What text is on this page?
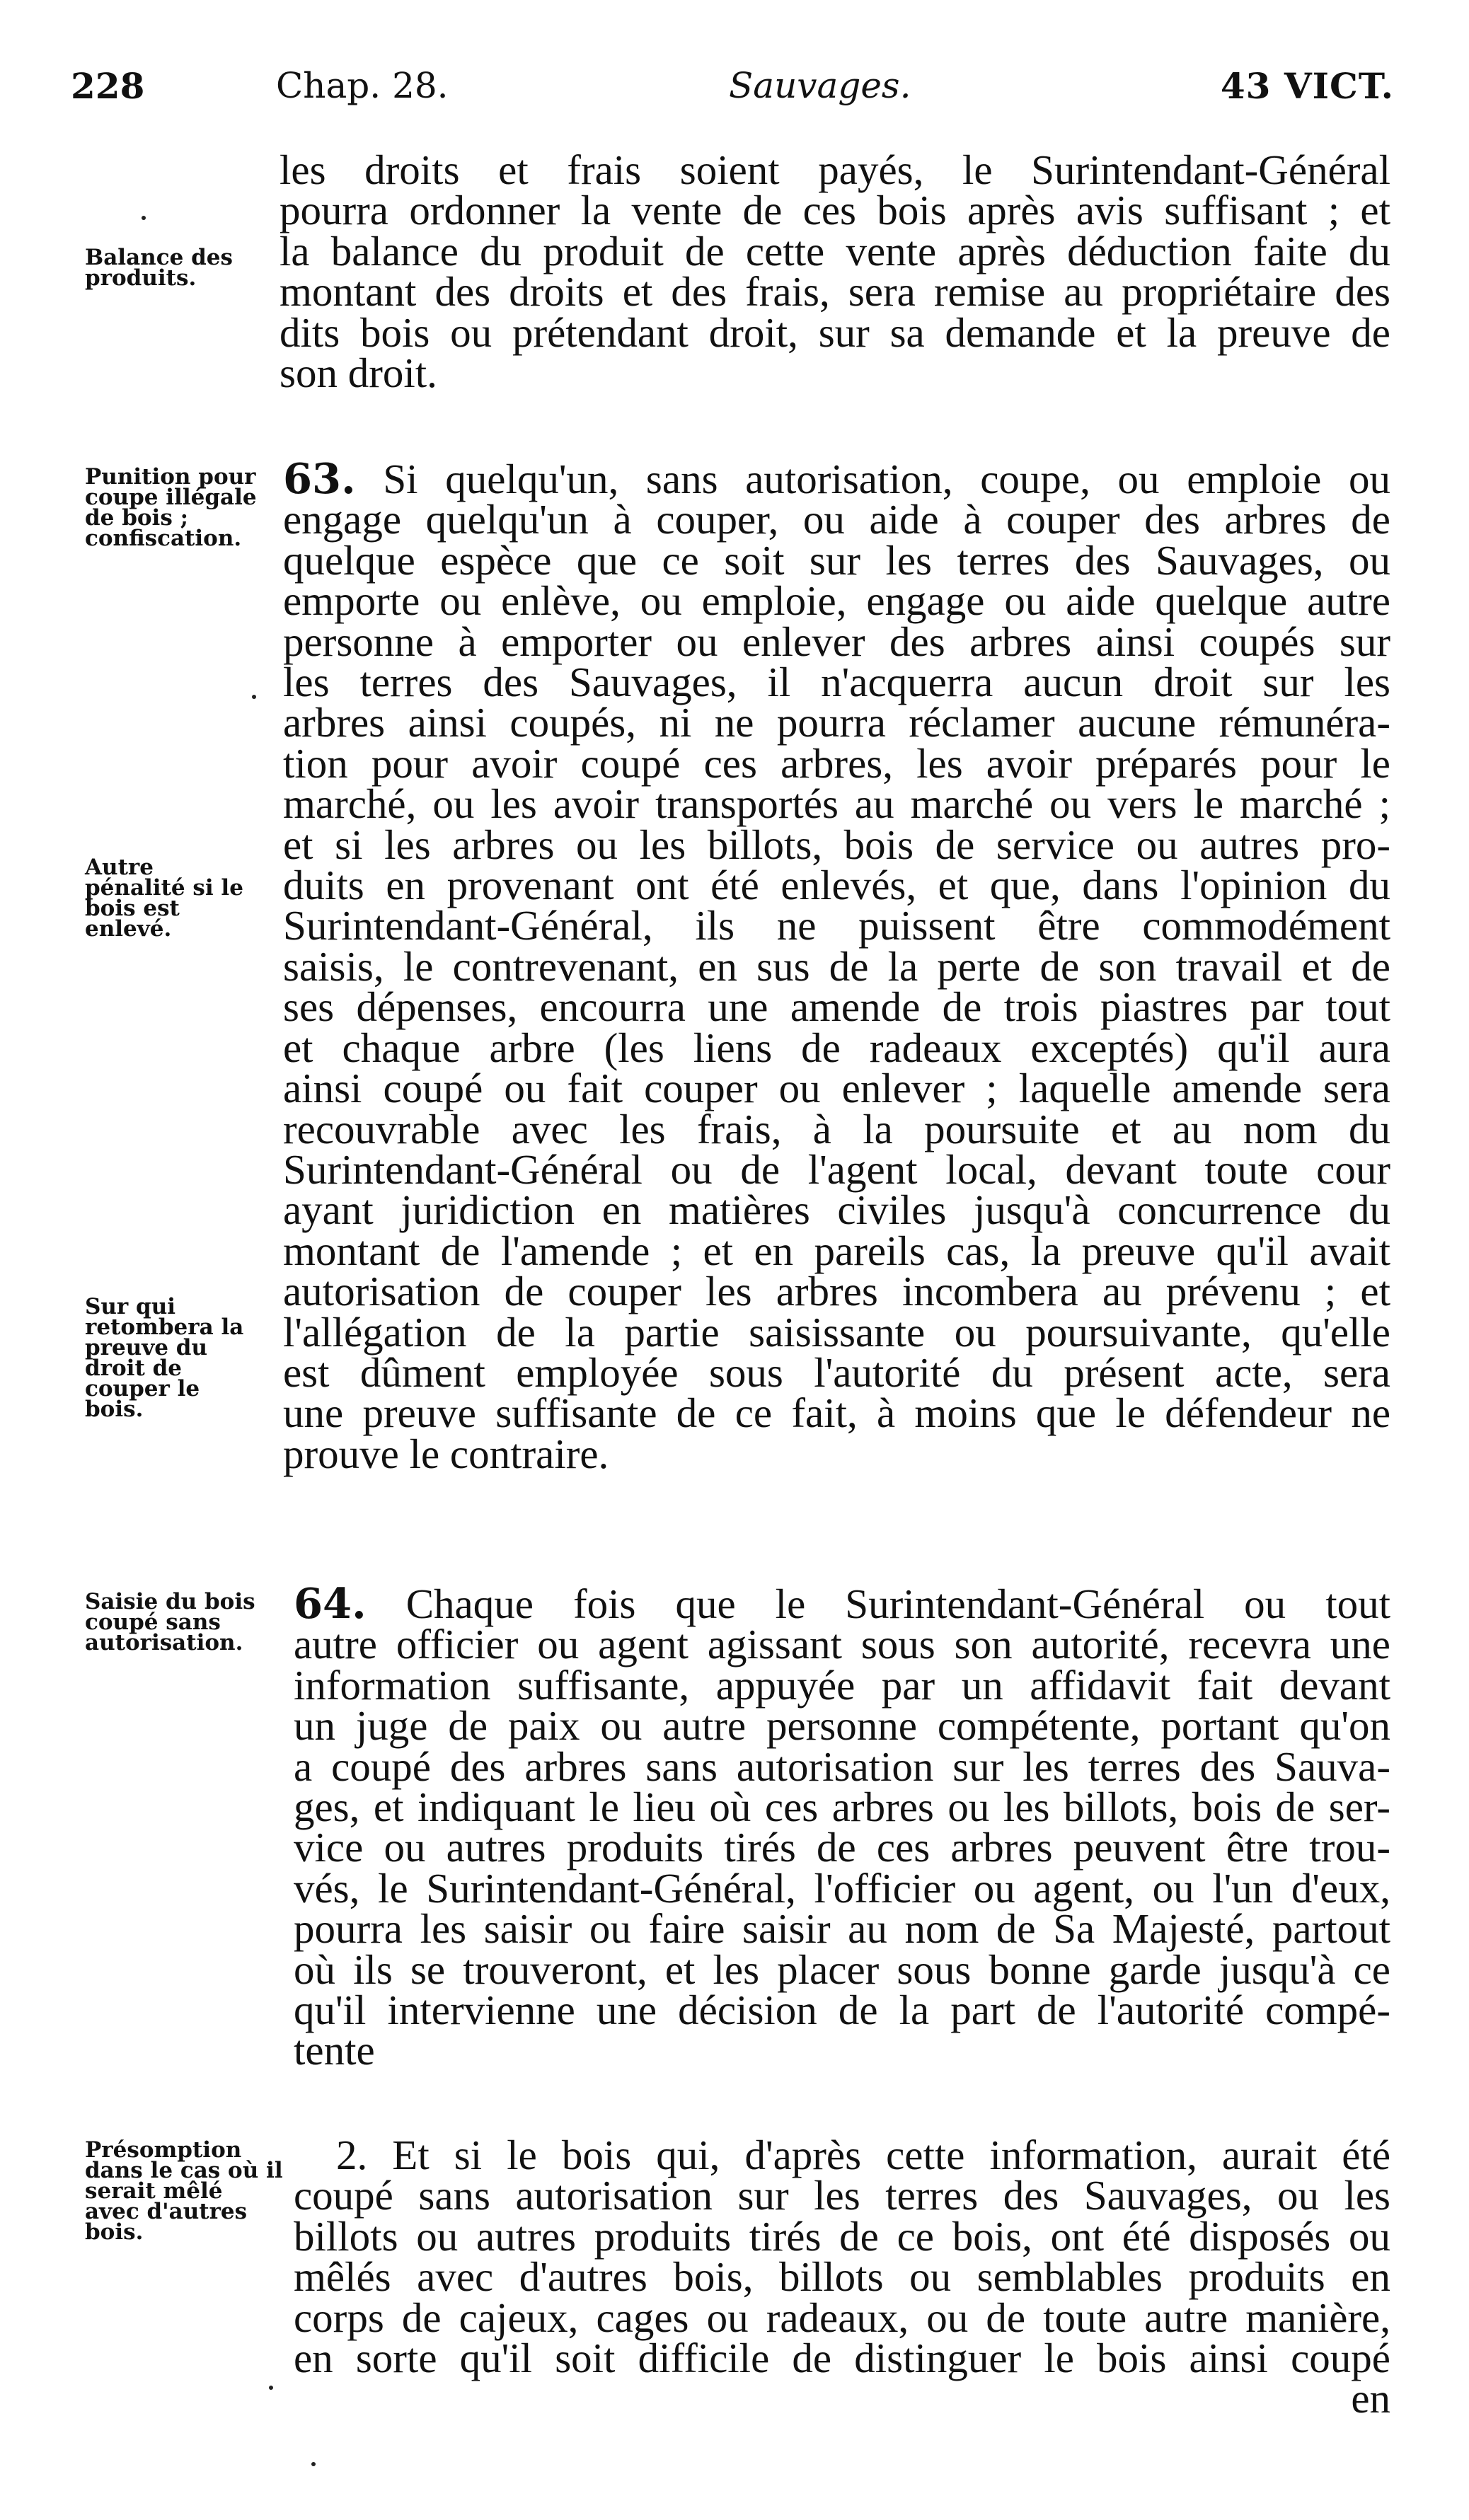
228	Chap. 28.	Sauvages.	43 VICT.
Balance des produits.
les droits et frais soient payés, le Surintendant-Général
pourra ordonner la vente de ces bois après avis suffisant ; et
la balance du produit de cette vente après déduction faite du
montant des droits et des frais, sera remise au propriétaire des
dits bois ou prétendant droit, sur sa demande et la preuve de
son droit.
Punition pour coupe illégale de bois ; confiscation.
Autre pénalité si le bois est enlevé.
Sur qui retombera la preuve du droit de couper le bois.
63. Si quelqu'un, sans autorisation, coupe, ou emploie ou
engage quelqu'un à couper, ou aide à couper des arbres de
quelque espèce que ce soit sur les terres des Sauvages, ou
emporte ou enlève, ou emploie, engage ou aide quelque autre
personne à emporter ou enlever des arbres ainsi coupés sur
les terres des Sauvages, il n'acquerra aucun droit sur les
arbres ainsi coupés, ni ne pourra réclamer aucune rémunéra-
tion pour avoir coupé ces arbres, les avoir préparés pour le
marché, ou les avoir transportés au marché ou vers le marché ;
et si les arbres ou les billots, bois de service ou autres pro-
duits en provenant ont été enlevés, et que, dans l'opinion du
Surintendant-Général, ils ne puissent être commodément
saisis, le contrevenant, en sus de la perte de son travail et de
ses dépenses, encourra une amende de trois piastres par tout
et chaque arbre (les liens de radeaux exceptés) qu'il aura
ainsi coupé ou fait couper ou enlever ; laquelle amende sera
recouvrable avec les frais, à la poursuite et au nom du
Surintendant-Général ou de l'agent local, devant toute cour
ayant juridiction en matières civiles jusqu'à concurrence du
montant de l'amende ; et en pareils cas, la preuve qu'il avait
autorisation de couper les arbres incombera au prévenu ; et
l'allégation de la partie saisissante ou poursuivante, qu'elle
est dûment employée sous l'autorité du présent acte, sera
une preuve suffisante de ce fait, à moins que le défendeur ne
prouve le contraire.
Saisie du bois coupé sans autorisation.
64. Chaque fois que le Surintendant-Général ou tout
autre officier ou agent agissant sous son autorité, recevra une
information suffisante, appuyée par un affidavit fait devant
un juge de paix ou autre personne compétente, portant qu'on
a coupé des arbres sans autorisation sur les terres des Sauva-
ges, et indiquant le lieu où ces arbres ou les billots, bois de ser-
vice ou autres produits tirés de ces arbres peuvent être trou-
vés, le Surintendant-Général, l'officier ou agent, ou l'un d'eux,
pourra les saisir ou faire saisir au nom de Sa Majesté, partout
où ils se trouveront, et les placer sous bonne garde jusqu'à ce
qu'il intervienne une décision de la part de l'autorité compé-
tente
Présomption dans le cas où il serait mêlé avec d'autres bois.
2. Et si le bois qui, d'après cette information, aurait été
coupé sans autorisation sur les terres des Sauvages, ou les
billots ou autres produits tirés de ce bois, ont été disposés ou
mêlés avec d'autres bois, billots ou semblables produits en
corps de cajeux, cages ou radeaux, ou de toute autre manière,
en sorte qu'il soit difficile de distinguer le bois ainsi coupé
en
